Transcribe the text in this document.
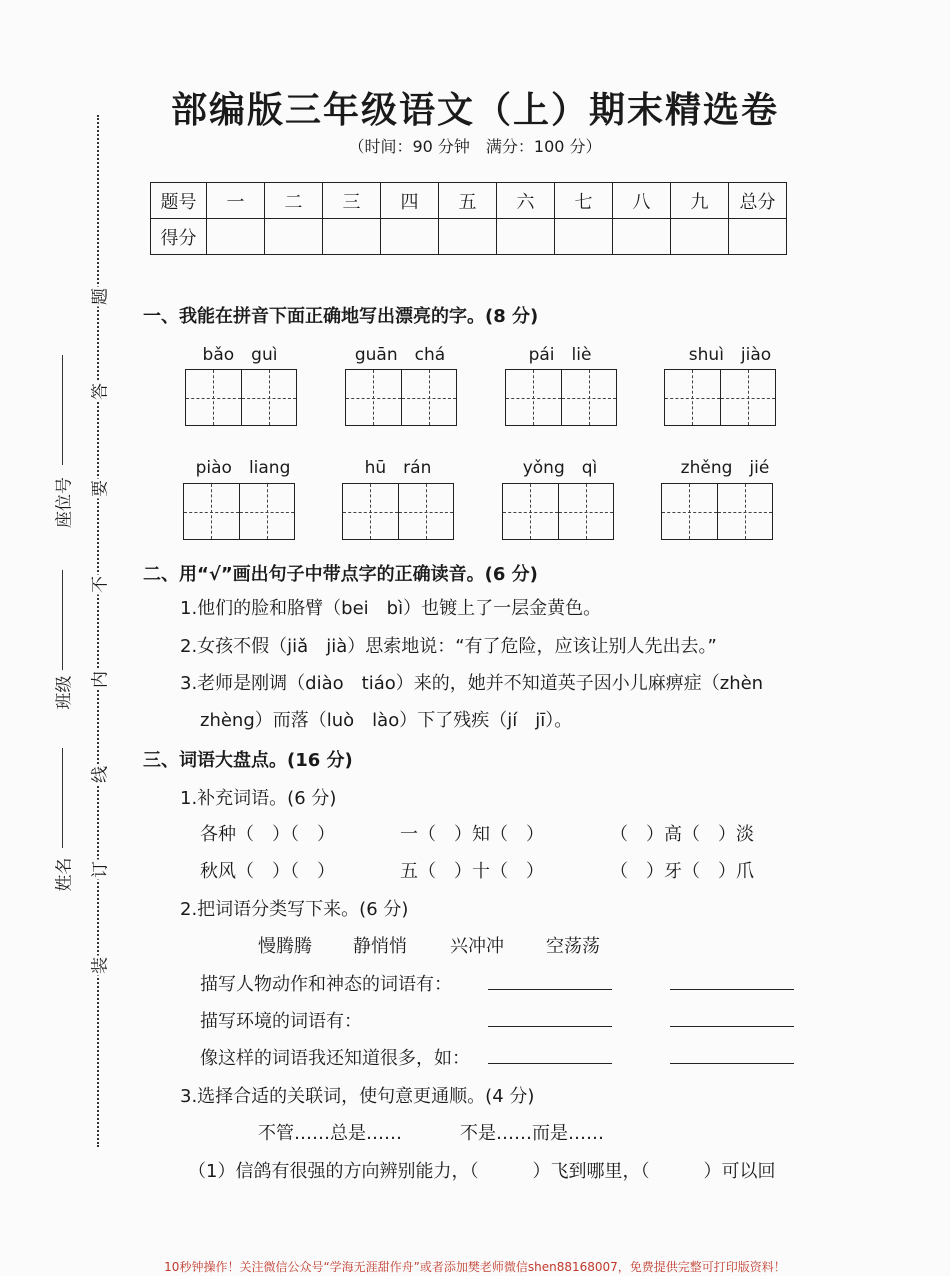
部编版三年级语文（上）期末精选卷
（时间：90 分钟　满分：100 分）
题号	一	二	三	四	五	六	七	八	九	总分
得分										
题
答
要
不
内
线
订
装
座位号
班级
姓名
一、我能在拼音下面正确地写出漂亮的字。(8 分)
bǎo　guì	guān　chá	pái　liè	shuì　jiào
piào　liang	hū　rán	yǒng　qì	zhěng　jié
二、用“√”画出句子中带点字的正确读音。(6 分)
1.他们的脸和胳臂（bei　bì）也镀上了一层金黄色。
2.女孩不假（jiǎ　jià）思索地说：“有了危险，应该让别人先出去。”
3.老师是刚调（diào　tiáo）来的，她并不知道英子因小儿麻痹症（zhèn
zhèng）而落（luò　lào）下了残疾（jí　jī）。
三、词语大盘点。(16 分)
1.补充词语。(6 分)
各种（　）（　）	一（　）知（　）	（　）高（　）淡
秋风（　）（　）	五（　）十（　）	（　）牙（　）爪
2.把词语分类写下来。(6 分)
慢腾腾 静悄悄 兴冲冲 空荡荡
描写人物动作和神态的词语有：
描写环境的词语有：
像这样的词语我还知道很多，如：
3.选择合适的关联词，使句意更通顺。(4 分)
不管……总是……	不是……而是……
（1）信鸽有很强的方向辨别能力，（　　　）飞到哪里，（　　　）可以回
10秒钟操作！关注微信公众号“学海无涯甜作舟”或者添加樊老师微信shen88168007，免费提供完整可打印版资料！
